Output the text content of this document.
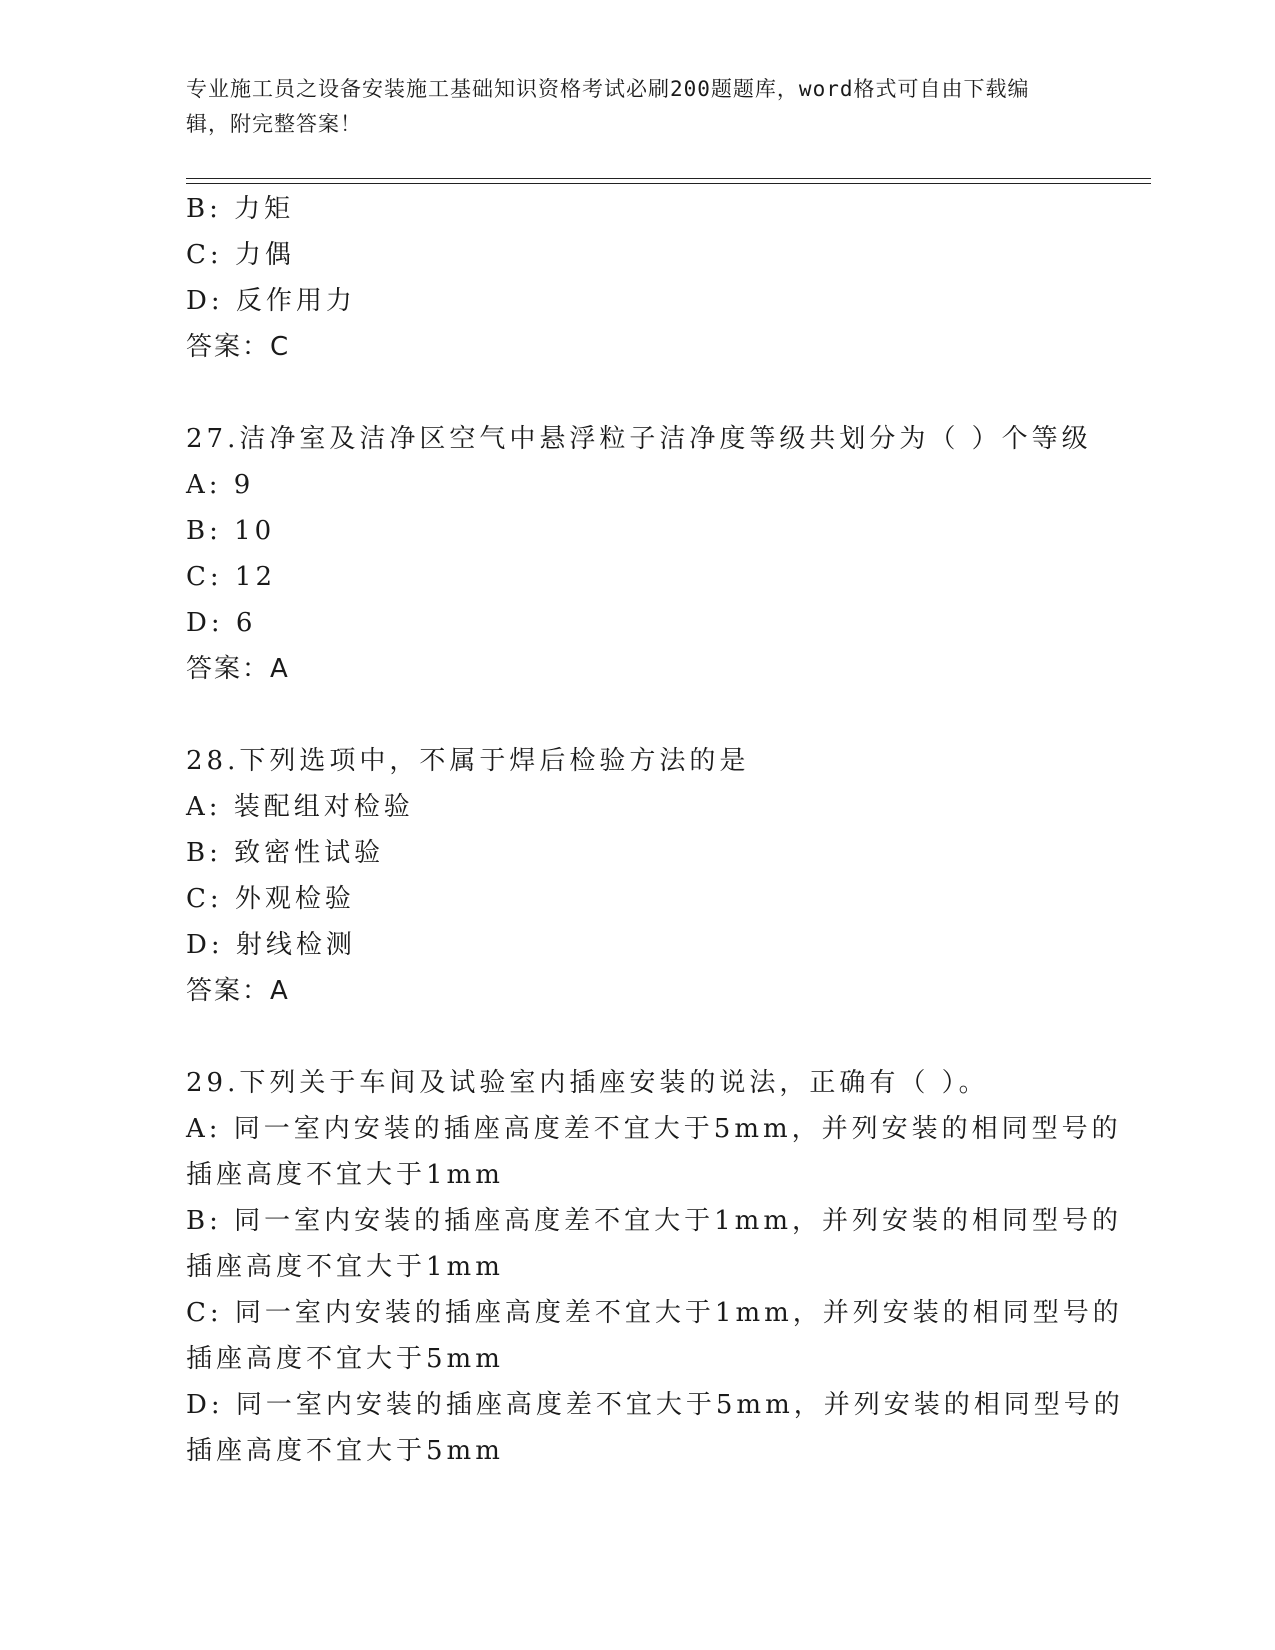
专业施工员之设备安装施工基础知识资格考试必刷200题题库，word格式可自由下载编辑，附完整答案！
B: 力矩
C: 力偶
D: 反作用力
答案：C
27.洁净室及洁净区空气中悬浮粒子洁净度等级共划分为（ ）个等级
A: 9
B: 10
C: 12
D: 6
答案：A
28.下列选项中，不属于焊后检验方法的是
A: 装配组对检验
B: 致密性试验
C: 外观检验
D: 射线检测
答案：A
29.下列关于车间及试验室内插座安装的说法，正确有（ ）。
A: 同一室内安装的插座高度差不宜大于5mm，并列安装的相同型号的
插座高度不宜大于1mm
B: 同一室内安装的插座高度差不宜大于1mm，并列安装的相同型号的
插座高度不宜大于1mm
C: 同一室内安装的插座高度差不宜大于1mm，并列安装的相同型号的
插座高度不宜大于5mm
D: 同一室内安装的插座高度差不宜大于5mm，并列安装的相同型号的
插座高度不宜大于5mm
